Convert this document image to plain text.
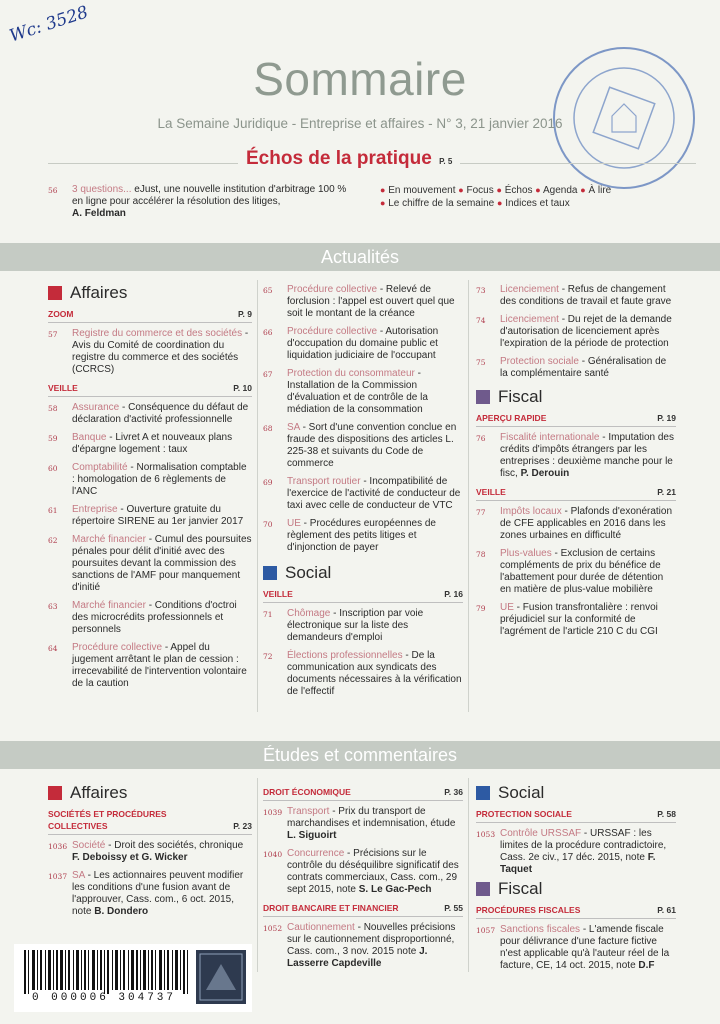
Wc: 3528
Sommaire
La Semaine Juridique - Entreprise et affaires - N° 3, 21 janvier 2016
Échos de la pratique P. 5
56	3 questions... eJust, une nouvelle institution d'arbitrage 100 % en ligne pour accélérer la résolution des litiges,
A. Feldman
● En mouvement ● Focus ● Échos ● Agenda ● À lire
● Le chiffre de la semaine ● Indices et taux
Actualités
Affaires
ZOOM	P. 9
57	Registre du commerce et des sociétés - Avis du Comité de coordination du registre du commerce et des sociétés (CCRCS)
VEILLE	P. 10
58	Assurance - Conséquence du défaut de déclaration d'activité professionnelle
59	Banque - Livret A et nouveaux plans d'épargne logement : taux
60	Comptabilité - Normalisation comptable : homologation de 6 règlements de l'ANC
61	Entreprise - Ouverture gratuite du répertoire SIRENE au 1er janvier 2017
62	Marché financier - Cumul des poursuites pénales pour délit d'initié avec des poursuites devant la commission des sanctions de l'AMF pour manquement d'initié
63	Marché financier - Conditions d'octroi des microcrédits professionnels et personnels
64	Procédure collective - Appel du jugement arrêtant le plan de cession : irrecevabilité de l'intervention volontaire de la caution
65	Procédure collective - Relevé de forclusion : l'appel est ouvert quel que soit le montant de la créance
66	Procédure collective - Autorisation d'occupation du domaine public et liquidation judiciaire de l'occupant
67	Protection du consommateur - Installation de la Commission d'évaluation et de contrôle de la médiation de la consommation
68	SA - Sort d'une convention conclue en fraude des dispositions des articles L. 225-38 et suivants du Code de commerce
69	Transport routier - Incompatibilité de l'exercice de l'activité de conducteur de taxi avec celle de conducteur de VTC
70	UE - Procédures européennes de règlement des petits litiges et d'injonction de payer
Social
VEILLE	P. 16
71	Chômage - Inscription par voie électronique sur la liste des demandeurs d'emploi
72	Élections professionnelles - De la communication aux syndicats des documents nécessaires à la vérification de l'effectif
73	Licenciement - Refus de changement des conditions de travail et faute grave
74	Licenciement - Du rejet de la demande d'autorisation de licenciement après l'expiration de la période de protection
75	Protection sociale - Généralisation de la complémentaire santé
Fiscal
APERÇU RAPIDE	P. 19
76	Fiscalité internationale - Imputation des crédits d'impôts étrangers par les entreprises : deuxième manche pour le fisc, P. Derouin
VEILLE	P. 21
77	Impôts locaux - Plafonds d'exonération de CFE applicables en 2016 dans les zones urbaines en difficulté
78	Plus-values - Exclusion de certains compléments de prix du bénéfice de l'abattement pour durée de détention en matière de plus-value mobilière
79	UE - Fusion transfrontalière : renvoi préjudiciel sur la conformité de l'agrément de l'article 210 C du CGI
Études et commentaires
Affaires
SOCIÉTÉS ET PROCÉDURES COLLECTIVES	P. 23
1036 Société - Droit des sociétés, chronique F. Deboissy et G. Wicker
1037 SA - Les actionnaires peuvent modifier les conditions d'une fusion avant de l'approuver, Cass. com., 6 oct. 2015, note B. Dondero
DROIT ÉCONOMIQUE	P. 36
1039 Transport - Prix du transport de marchandises et indemnisation, étude L. Siguoirt
1040 Concurrence - Précisions sur le contrôle du déséquilibre significatif des contrats commerciaux, Cass. com., 29 sept 2015, note S. Le Gac-Pech
DROIT BANCAIRE ET FINANCIER	P. 55
1052 Cautionnement - Nouvelles précisions sur le cautionnement disproportionné, Cass. com., 3 nov. 2015 note J. Lasserre Capdeville
Social
PROTECTION SOCIALE	P. 58
1053 Contrôle URSSAF - URSSAF : les limites de la procédure contradictoire, Cass. 2e civ., 17 déc. 2015, note F. Taquet
Fiscal
PROCÉDURES FISCALES	P. 61
1057 Sanctions fiscales - L'amende fiscale pour délivrance d'une facture fictive n'est applicable qu'à l'auteur réel de la facture, CE, 14 oct. 2015, note D.F
0 000006 304737
